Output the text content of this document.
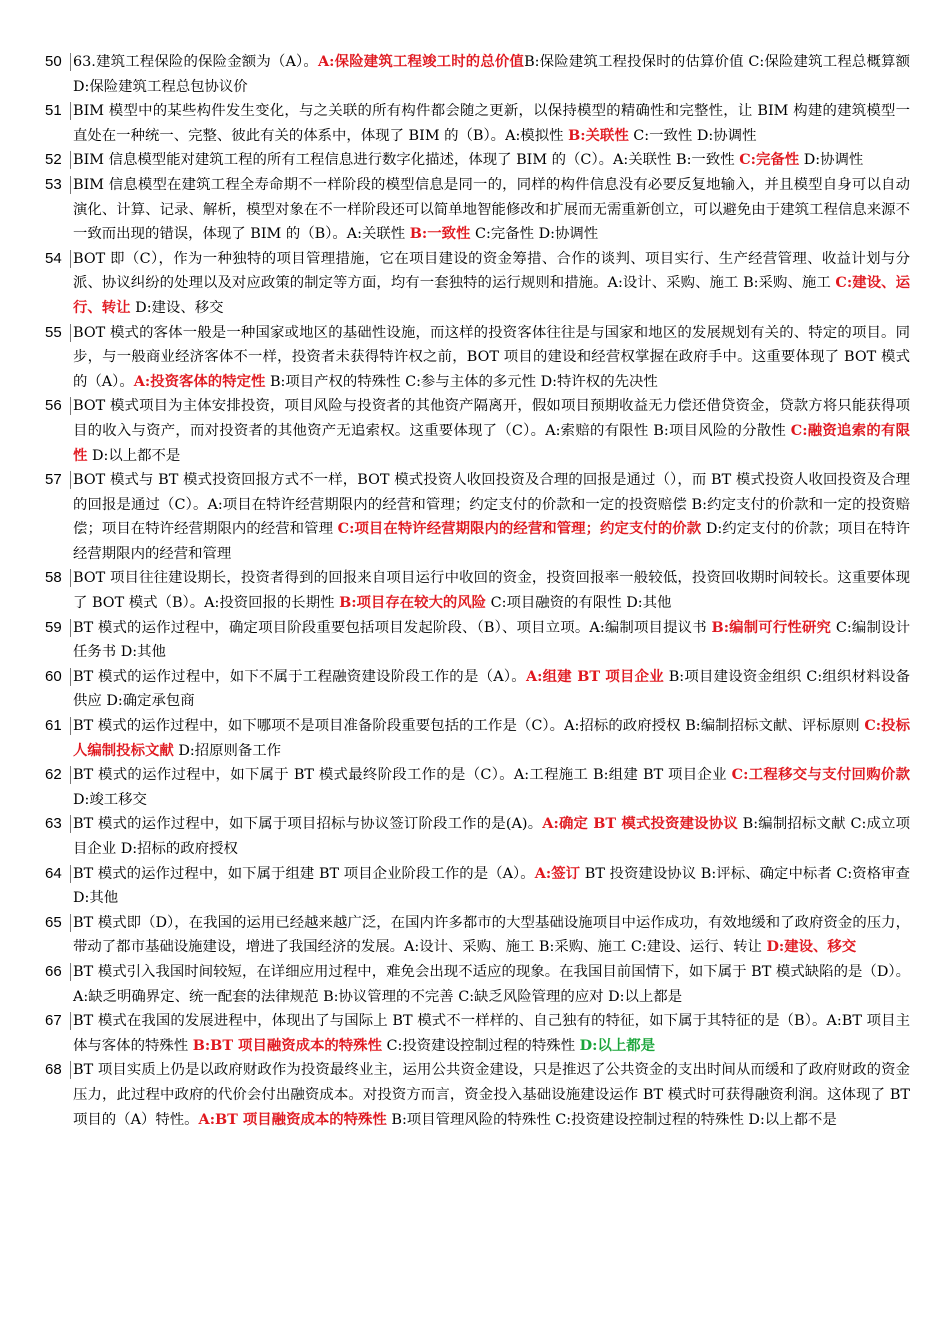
50 63.建筑工程保险的保险金额为（A）。A:保险建筑工程竣工时的总价值B:保险建筑工程投保时的估算价值 C:保险建筑工程总概算额 D:保险建筑工程总包协议价
51 BIM 模型中的某些构件发生变化，与之关联的所有构件都会随之更新，以保持模型的精确性和完整性，让 BIM 构建的建筑模型一直处在一种统一、完整、彼此有关的体系中，体现了 BIM 的（B）。A:模拟性 B:关联性 C:一致性 D:协调性
52 BIM 信息模型能对建筑工程的所有工程信息进行数字化描述，体现了 BIM 的（C）。A:关联性 B:一致性 C:完备性 D:协调性
53 BIM 信息模型在建筑工程全寿命期不一样阶段的模型信息是同一的，同样的构件信息没有必要反复地输入，并且模型自身可以自动演化、计算、记录、解析，模型对象在不一样阶段还可以简单地智能修改和扩展而无需重新创立，可以避免由于建筑工程信息来源不一致而出现的错误，体现了 BIM 的（B）。A:关联性 B:一致性 C:完备性 D:协调性
54 BOT 即（C），作为一种独特的项目管理措施，它在项目建设的资金筹措、合作的谈判、项目实行、生产经营管理、收益计划与分派、协议纠纷的处理以及对应政策的制定等方面，均有一套独特的运行规则和措施。A:设计、采购、施工 B:采购、施工 C:建设、运行、转让 D:建设、移交
55 BOT 模式的客体一般是一种国家或地区的基础性设施，而这样的投资客体往往是与国家和地区的发展规划有关的、特定的项目。同步，与一般商业经济客体不一样，投资者未获得特许权之前，BOT 项目的建设和经营权掌握在政府手中。这重要体现了 BOT 模式的（A）。A:投资客体的特定性 B:项目产权的特殊性 C:参与主体的多元性 D:特许权的先决性
56 BOT 模式项目为主体安排投资，项目风险与投资者的其他资产隔离开，假如项目预期收益无力偿还借贷资金，贷款方将只能获得项目的收入与资产，而对投资者的其他资产无追索权。这重要体现了（C）。A:索赔的有限性 B:项目风险的分散性 C:融资追索的有限性 D:以上都不是
57 BOT 模式与 BT 模式投资回报方式不一样，BOT 模式投资人收回投资及合理的回报是通过（），而 BT 模式投资人收回投资及合理的回报是通过（C）。A:项目在特许经营期限内的经营和管理；约定支付的价款和一定的投资赔偿 B:约定支付的价款和一定的投资赔偿；项目在特许经营期限内的经营和管理 C:项目在特许经营期限内的经营和管理；约定支付的价款 D:约定支付的价款；项目在特许经营期限内的经营和管理
58 BOT 项目往往建设期长，投资者得到的回报来自项目运行中收回的资金，投资回报率一般较低，投资回收期时间较长。这重要体现了 BOT 模式（B）。A:投资回报的长期性 B:项目存在较大的风险 C:项目融资的有限性 D:其他
59 BT 模式的运作过程中，确定项目阶段重要包括项目发起阶段、（B）、项目立项。A:编制项目提议书 B:编制可行性研究 C:编制设计任务书 D:其他
60 BT 模式的运作过程中，如下不属于工程融资建设阶段工作的是（A）。A:组建 BT 项目企业 B:项目建设资金组织 C:组织材料设备供应 D:确定承包商
61 BT 模式的运作过程中，如下哪项不是项目准备阶段重要包括的工作是（C）。A:招标的政府授权 B:编制招标文献、评标原则 C:投标人编制投标文献 D:招原则备工作
62 BT 模式的运作过程中，如下属于 BT 模式最终阶段工作的是（C）。A:工程施工 B:组建 BT 项目企业 C:工程移交与支付回购价款 D:竣工移交
63 BT 模式的运作过程中，如下属于项目招标与协议签订阶段工作的是(A)。A:确定 BT 模式投资建设协议 B:编制招标文献 C:成立项目企业 D:招标的政府授权
64 BT 模式的运作过程中，如下属于组建 BT 项目企业阶段工作的是（A）。A:签订 BT 投资建设协议 B:评标、确定中标者 C:资格审查 D:其他
65 BT 模式即（D），在我国的运用已经越来越广泛，在国内许多都市的大型基础设施项目中运作成功，有效地缓和了政府资金的压力，带动了都市基础设施建设，增进了我国经济的发展。A:设计、采购、施工 B:采购、施工 C:建设、运行、转让 D:建设、移交
66 BT 模式引入我国时间较短，在详细应用过程中，难免会出现不适应的现象。在我国目前国情下，如下属于 BT 模式缺陷的是（D）。A:缺乏明确界定、统一配套的法律规范 B:协议管理的不完善 C:缺乏风险管理的应对 D:以上都是
67 BT 模式在我国的发展进程中，体现出了与国际上 BT 模式不一样样的、自己独有的特征，如下属于其特征的是（B）。A:BT 项目主体与客体的特殊性 B:BT 项目融资成本的特殊性 C:投资建设控制过程的特殊性 D:以上都是
68 BT 项目实质上仍是以政府财政作为投资最终业主，运用公共资金建设，只是推迟了公共资金的支出时间从而缓和了政府财政的资金压力，此过程中政府的代价会付出融资成本。对投资方而言，资金投入基础设施建设运作 BT 模式时可获得融资利润。这体现了 BT 项目的（A）特性。A:BT 项目融资成本的特殊性 B:项目管理风险的特殊性 C:投资建设控制过程的特殊性 D:以上都不是
